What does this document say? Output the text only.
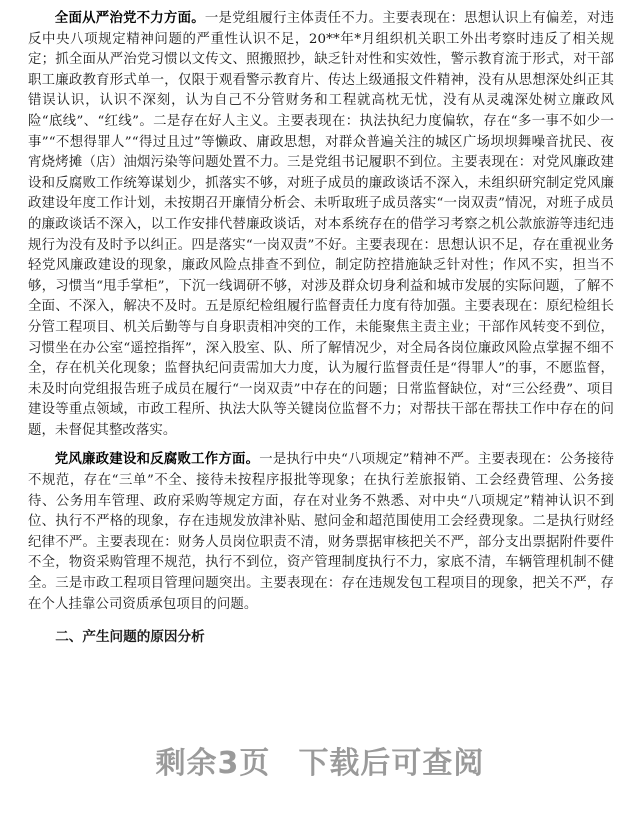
全面从严治党不力方面。一是党组履行主体责任不力。主要表现在：思想认识上有偏差，对违反中央八项规定精神问题的严重性认识不足，20**年*月组织机关职工外出考察时违反了相关规定；抓全面从严治党习惯以文传文、照搬照抄，缺乏针对性和实效性，警示教育流于形式，对干部职工廉政教育形式单一，仅限于观看警示教育片、传达上级通报文件精神，没有从思想深处纠正其错误认识，认识不深刻，认为自己不分管财务和工程就高枕无忧，没有从灵魂深处树立廉政风险“底线”、“红线”。二是存在好人主义。主要表现在：执法执纪力度偏软，存在“多一事不如少一事”“不想得罪人”“得过且过”等懒政、庸政思想，对群众普遍关注的城区广场坝坝舞噪音扰民、夜宵烧烤摊（店）油烟污染等问题处置不力。三是党组书记履职不到位。主要表现在：对党风廉政建设和反腐败工作统筹谋划少，抓落实不够，对班子成员的廉政谈话不深入，未组织研究制定党风廉政建设年度工作计划，未按期召开廉情分析会、未听取班子成员落实“一岗双责”情况，对班子成员的廉政谈话不深入，以工作安排代替廉政谈话，对本系统存在的借学习考察之机公款旅游等违纪违规行为没有及时予以纠正。四是落实“一岗双责”不好。主要表现在：思想认识不足，存在重视业务轻党风廉政建设的现象，廉政风险点排查不到位，制定防控措施缺乏针对性；作风不实，担当不够，习惯当“甩手掌柜”，下沉一线调研不够，对涉及群众切身利益和城市发展的实际问题，了解不全面、不深入，解决不及时。五是原纪检组履行监督责任力度有待加强。主要表现在：原纪检组长分管工程项目、机关后勤等与自身职责相冲突的工作，未能聚焦主责主业；干部作风转变不到位，习惯坐在办公室“遥控指挥”，深入股室、队、所了解情况少，对全局各岗位廉政风险点掌握不细不全，存在机关化现象；监督执纪问责需加大力度，认为履行监督责任是“得罪人”的事，不愿监督，未及时向党组报告班子成员在履行“一岗双责”中存在的问题；日常监督缺位，对“三公经费”、项目建设等重点领域，市政工程所、执法大队等关键岗位监督不力；对帮扶干部在帮扶工作中存在的问题，未督促其整改落实。

党风廉政建设和反腐败工作方面。一是执行中央“八项规定”精神不严。主要表现在：公务接待不规范，存在“三单”不全、接待未按程序报批等现象；在执行差旅报销、工会经费管理、公务接待、公务用车管理、政府采购等规定方面，存在对业务不熟悉、对中央“八项规定”精神认识不到位、执行不严格的现象，存在违规发放津补贴、慰问金和超范围使用工会经费现象。二是执行财经纪律不严。主要表现在：财务人员岗位职责不清，财务票据审核把关不严，部分支出票据附件要件不全，物资采购管理不规范，执行不到位，资产管理制度执行不力，家底不清，车辆管理机制不健全。三是市政工程项目管理问题突出。主要表现在：存在违规发包工程项目的现象，把关不严，存在个人挂靠公司资质承包项目的问题。

二、产生问题的原因分析

剩余3页 下载后可查阅
